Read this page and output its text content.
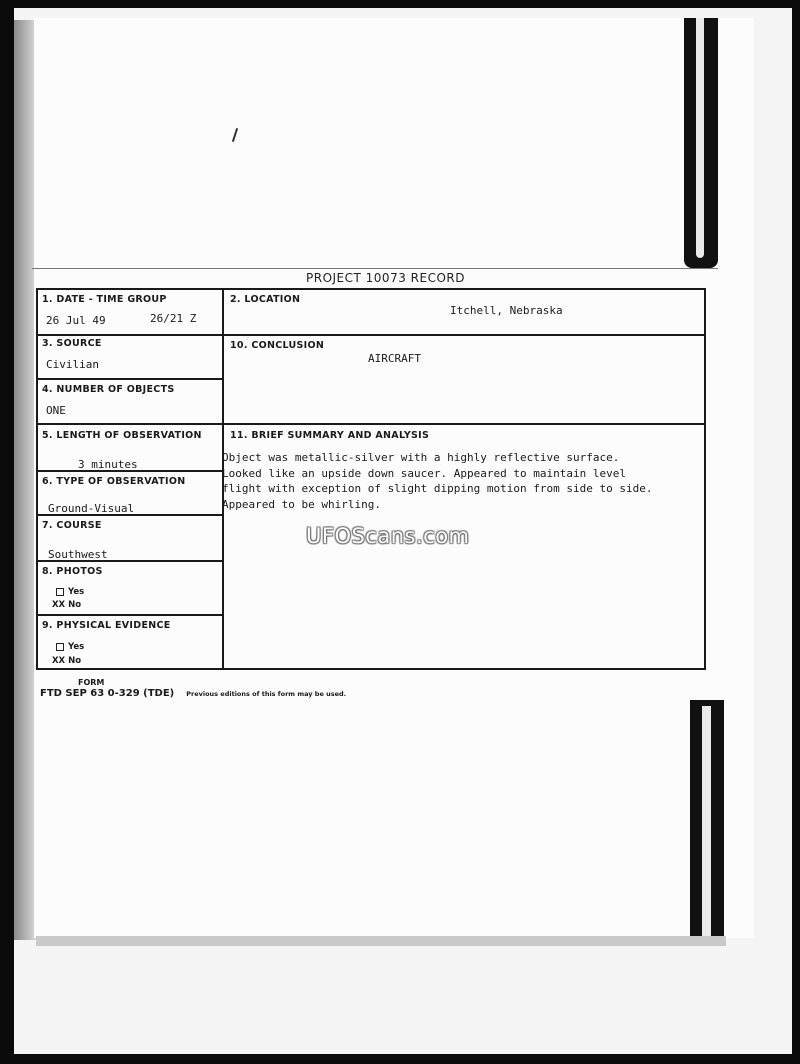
PROJECT 10073 RECORD
1. DATE - TIME GROUP
26 Jul 49	26/21 Z
2. LOCATION
Itchell, Nebraska
3. SOURCE
Civilian
10. CONCLUSION
AIRCRAFT
4. NUMBER OF OBJECTS
ONE
5. LENGTH OF OBSERVATION
3 minutes
11. BRIEF SUMMARY AND ANALYSIS
Object was metallic-silver with a highly reflective surface.
Looked like an upside down saucer. Appeared to maintain level
flight with exception of slight dipping motion from side to side.
Appeared to be whirling.
6. TYPE OF OBSERVATION
Ground-Visual
7. COURSE
Southwest
8. PHOTOS
Yes
XX No
9. PHYSICAL EVIDENCE
Yes
XX No
FORM
FTD SEP 63 0-329 (TDE) Previous editions of this form may be used.
UFOScans.com
